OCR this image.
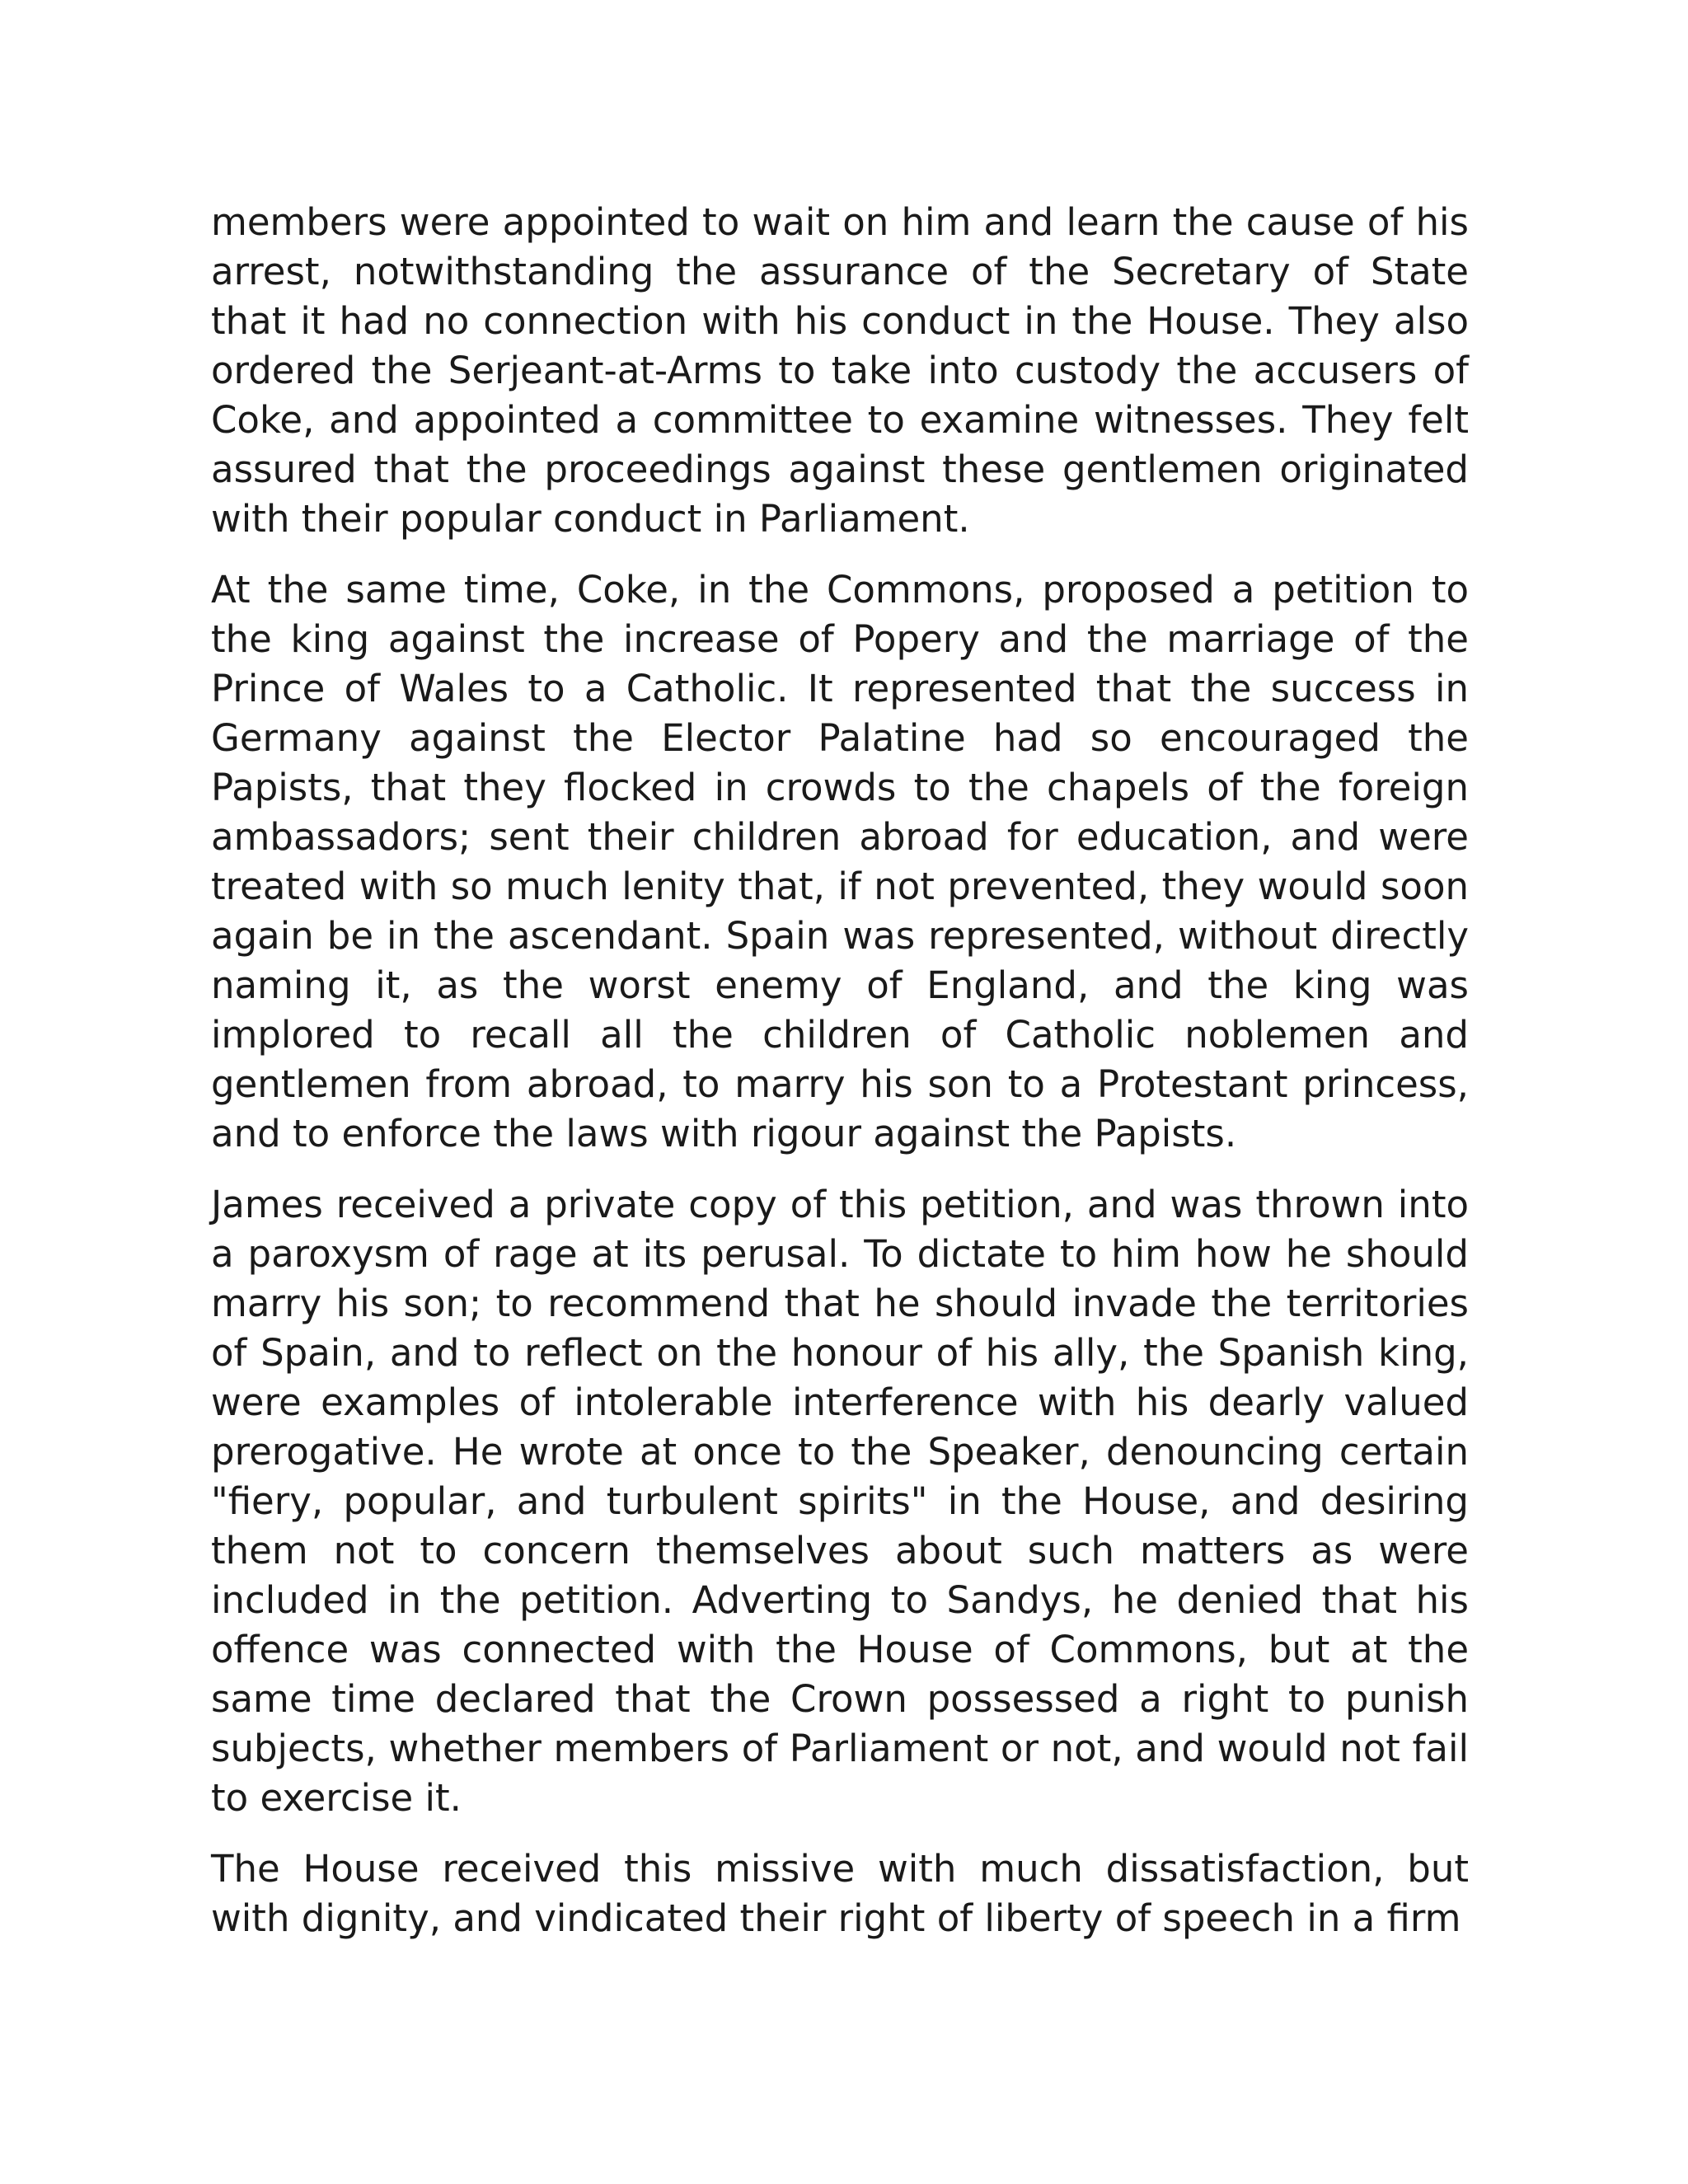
members were appointed to wait on him and learn the cause of his arrest, notwithstanding the assurance of the Secretary of State that it had no connection with his conduct in the House. They also ordered the Serjeant-at-Arms to take into custody the accusers of Coke, and appointed a committee to examine witnesses. They felt assured that the proceedings against these gentlemen originated with their popular conduct in Parliament.

At the same time, Coke, in the Commons, proposed a petition to the king against the increase of Popery and the marriage of the Prince of Wales to a Catholic. It represented that the success in Germany against the Elector Palatine had so encouraged the Papists, that they flocked in crowds to the chapels of the foreign ambassadors; sent their children abroad for education, and were treated with so much lenity that, if not prevented, they would soon again be in the ascendant. Spain was represented, without directly naming it, as the worst enemy of England, and the king was implored to recall all the children of Catholic noblemen and gentlemen from abroad, to marry his son to a Protestant princess, and to enforce the laws with rigour against the Papists.

James received a private copy of this petition, and was thrown into a paroxysm of rage at its perusal. To dictate to him how he should marry his son; to recommend that he should invade the territories of Spain, and to reflect on the honour of his ally, the Spanish king, were examples of intolerable interference with his dearly valued prerogative. He wrote at once to the Speaker, denouncing certain "fiery, popular, and turbulent spirits" in the House, and desiring them not to concern themselves about such matters as were included in the petition. Adverting to Sandys, he denied that his offence was connected with the House of Commons, but at the same time declared that the Crown possessed a right to punish subjects, whether members of Parliament or not, and would not fail to exercise it.

The House received this missive with much dissatisfaction, but with dignity, and vindicated their right of liberty of speech in a firm
